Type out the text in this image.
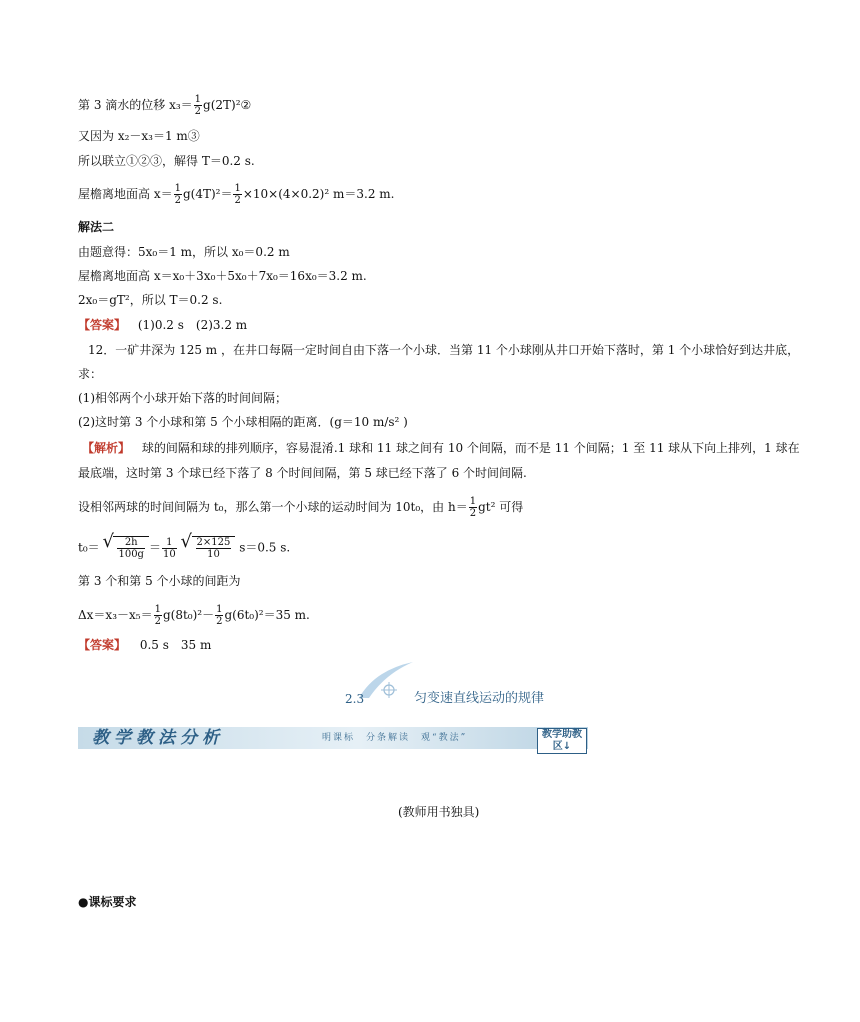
第 3 滴水的位移 $x_3= \frac{1}{2}$ g(2T)²②
又因为 x₂－x₃＝1 m③
所以联立①②③，解得 T＝0.2 s.
屋檐离地面高 $x= \frac{1}{2} g(4T)^2= \frac{1}{2} \times 10\times(4\times 0.2)^2$ m＝3.2 m.
解法二
由题意得：5x₀＝1 m，所以 x₀＝0.2 m
屋檐离地面高 x＝x₀＋3x₀＋5x₀＋7x₀＝16x₀＝3.2 m.
2x₀＝gT²，所以 T＝0.2 s.
【答案】 (1)0.2 s　(2)3.2 m
12．一矿井深为 125 m ，在井口每隔一定时间自由下落一个小球．当第 11 个小球刚从井口开始下落时，第 1 个小球恰好到达井底，
求：
(1)相邻两个小球开始下落的时间间隔；
(2)这时第 3 个小球和第 5 个小球相隔的距离．(g＝10 m/s² )
【解析】 球的间隔和球的排列顺序，容易混淆.1 球和 11 球之间有 10 个间隔，而不是 11 个间隔；1 至 11 球从下向上排列，1 球在
最底端，这时第 3 个球已经下落了 8 个时间间隔，第 5 球已经下落了 6 个时间间隔.
设相邻两球的时间间隔为 t₀，那么第一个小球的运动时间为 10t₀，由 $h= \frac{1}{2} gt^2$ 可得
t₀＝ √ $\frac{2h}{100g} = \frac{1}{10}$
√ $\frac{2\times 125}{10} s=0.5$ s.
第 3 个和第 5 个小球的间距为
$\Delta x=x_3-x_5= \frac{1}{2} g(8t_0)^2- \frac{1}{2} g(6t_0)^2=35$ m.
【答案】 0.5 s　35 m
2.3	匀变速直线运动的规律
教学教法分析	明课标　分条解读　观“教法”	教学助教区↓
(教师用书独具)
●课标要求
